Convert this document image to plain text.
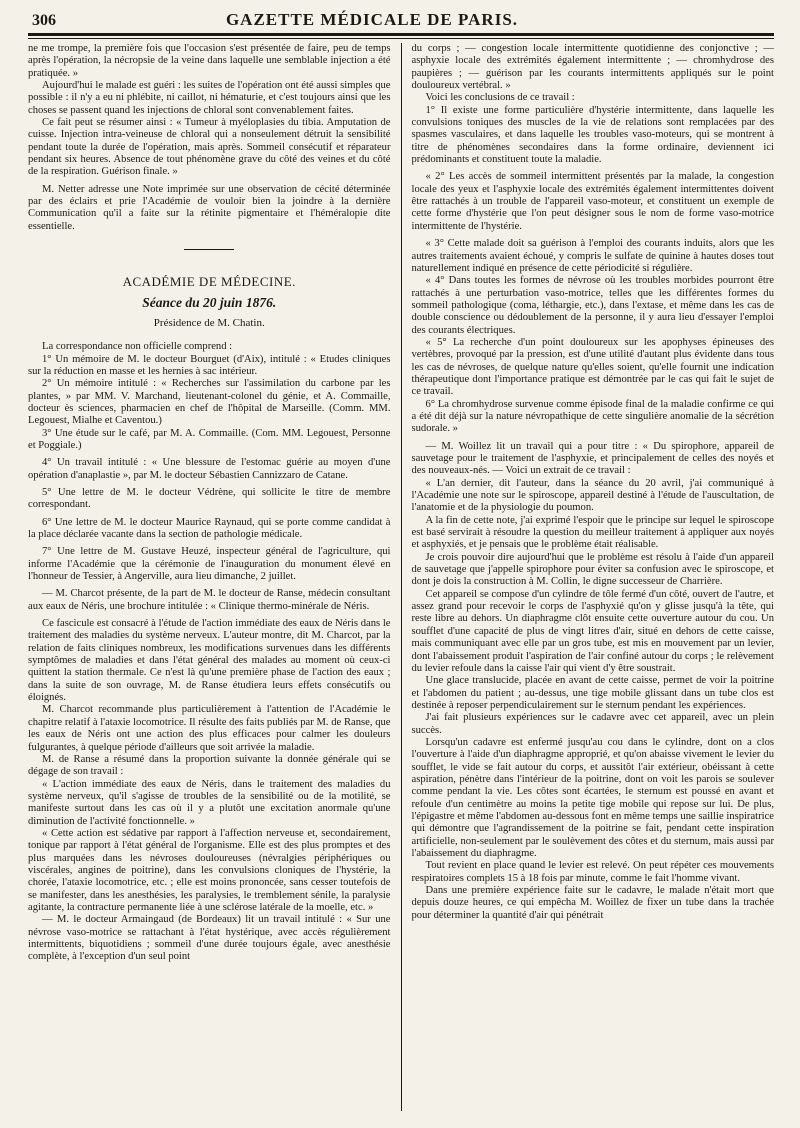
306	GAZETTE MÉDICALE DE PARIS.

ne me trompe, la première fois que l'occasion s'est présentée de faire, peu de temps après l'opération, la nécropsie de la veine dans laquelle une semblable injection a été pratiquée. »

Aujourd'hui le malade est guéri : les suites de l'opération ont été aussi simples que possible : il n'y a eu ni phlébite, ni caillot, ni hématurie, et c'est toujours ainsi que les choses se passent quand les injections de chloral sont convenablement faites.

Ce fait peut se résumer ainsi : « Tumeur à myéloplasies du tibia. Amputation de cuisse. Injection intra-veineuse de chloral qui a nonseulement détruit la sensibilité pendant toute la durée de l'opération, mais après. Sommeil consécutif et réparateur pendant six heures. Absence de tout phénomène grave du côté des veines et du côté de la respiration. Guérison finale. »

M. Netter adresse une Note imprimée sur une observation de cécité déterminée par des éclairs et prie l'Académie de vouloir bien la joindre à la dernière Communication qu'il a faite sur la rétinite pigmentaire et l'héméralopie dite essentielle.

ACADÉMIE DE MÉDECINE.
Séance du 20 juin 1876.
Présidence de M. Chatin.

La correspondance non officielle comprend :

1° Un mémoire de M. le docteur Bourguet (d'Aix), intitulé : « Etudes cliniques sur la réduction en masse et les hernies à sac intérieur.

2° Un mémoire intitulé : « Recherches sur l'assimilation du carbone par les plantes, » par MM. V. Marchand, lieutenant-colonel du génie, et A. Commaille, docteur ès sciences, pharmacien en chef de l'hôpital de Marseille. (Comm. MM. Legouest, Mialhe et Caventou.)

3° Une étude sur le café, par M. A. Commaille. (Com. MM. Legouest, Personne et Poggiale.)

4° Un travail intitulé : « Une blessure de l'estomac guérie au moyen d'une opération d'anaplastie », par M. le docteur Sébastien Cannizzaro de Catane.

5° Une lettre de M. le docteur Védrène, qui sollicite le titre de membre correspondant.

6° Une lettre de M. le docteur Maurice Raynaud, qui se porte comme candidat à la place déclarée vacante dans la section de pathologie médicale.

7° Une lettre de M. Gustave Heuzé, inspecteur général de l'agriculture, qui informe l'Académie que la cérémonie de l'inauguration du monument élevé en l'honneur de Tessier, à Angerville, aura lieu dimanche, 2 juillet.

— M. Charcot présente, de la part de M. le docteur de Ranse, médecin consultant aux eaux de Néris, une brochure intitulée : « Clinique thermo-minérale de Néris.

Ce fascicule est consacré à l'étude de l'action immédiate des eaux de Néris dans le traitement des maladies du système nerveux. L'auteur montre, dit M. Charcot, par la relation de faits cliniques nombreux, les modifications survenues dans les différents symptômes de maladies et dans l'état général des malades au moment où ceux-ci quittent la station thermale. Ce n'est là qu'une première phase de l'action des eaux ; dans la suite de son ouvrage, M. de Ranse étudiera leurs effets consécutifs ou éloignés.

M. Charcot recommande plus particulièrement à l'attention de l'Académie le chapitre relatif à l'ataxie locomotrice. Il résulte des faits publiés par M. de Ranse, que les eaux de Néris ont une action des plus efficaces pour calmer les douleurs fulgurantes, à quelque période d'ailleurs que soit arrivée la maladie.

M. de Ranse a résumé dans la proportion suivante la donnée générale qui se dégage de son travail :

« L'action immédiate des eaux de Néris, dans le traitement des maladies du système nerveux, qu'il s'agisse de troubles de la sensibilité ou de la motilité, se manifeste surtout dans les cas où il y a plutôt une excitation anormale qu'une diminution de l'activité fonctionnelle. »

« Cette action est sédative par rapport à l'affection nerveuse et, secondairement, tonique par rapport à l'état général de l'organisme. Elle est des plus promptes et des plus marquées dans les névroses douloureuses (névralgies périphériques ou viscérales, angines de poitrine), dans les convulsions cloniques de l'hystérie, la chorée, l'ataxie locomotrice, etc. ; elle est moins prononcée, sans cesser toutefois de se manifester, dans les anesthésies, les paralysies, le tremblement sénile, la paralysie agitante, la contracture permanente liée à une sclérose latérale de la moelle, etc. »

— M. le docteur Armaingaud (de Bordeaux) lit un travail intitulé : « Sur une névrose vaso-motrice se rattachant à l'état hystérique, avec accès régulièrement intermittents, biquotidiens ; sommeil d'une durée toujours égale, avec anesthésie complète, à l'exception d'un seul point

du corps ; — congestion locale intermittente quotidienne des conjonctive ; — asphyxie locale des extrémités également intermittente ; — chromhydrose des paupières ; — guérison par les courants intermittents appliqués sur le point douloureux vertébral. »

Voici les conclusions de ce travail :

1° Il existe une forme particulière d'hystérie intermittente, dans laquelle les convulsions toniques des muscles de la vie de relations sont remplacées par des spasmes vasculaires, et dans laquelle les troubles vaso-moteurs, qui se montrent à titre de phénomènes secondaires dans la forme ordinaire, deviennent ici prédominants et constituent toute la maladie.

« 2° Les accès de sommeil intermittent présentés par la malade, la congestion locale des yeux et l'asphyxie locale des extrémités également intermittentes doivent être rattachés à un trouble de l'appareil vaso-moteur, et constituent un exemple de cette forme d'hystérie que l'on peut désigner sous le nom de forme vaso-motrice intermittente de l'hystérie.

« 3° Cette malade doit sa guérison à l'emploi des courants induits, alors que les autres traitements avaient échoué, y compris le sulfate de quinine à hautes doses tout naturellement indiqué en présence de cette périodicité si régulière.

« 4° Dans toutes les formes de névrose où les troubles morbides pourront être rattachés à une perturbation vaso-motrice, telles que les différentes formes du sommeil pathologique (coma, léthargie, etc.), dans l'extase, et même dans les cas de double conscience ou dédoublement de la personne, il y aura lieu d'essayer l'emploi des courants électriques.

« 5° La recherche d'un point douloureux sur les apophyses épineuses des vertèbres, provoqué par la pression, est d'une utilité d'autant plus évidente dans tous les cas de névroses, de quelque nature qu'elles soient, qu'elle fournit une indication thérapeutique dont l'importance pratique est démontrée par le cas qui fait le sujet de ce travail.

6° La chromhydrose survenue comme épisode final de la maladie confirme ce qui a été dit déjà sur la nature névropathique de cette singulière anomalie de la sécrétion sudorale. »

— M. Woillez lit un travail qui a pour titre : « Du spirophore, appareil de sauvetage pour le traitement de l'asphyxie, et principalement de celles des noyés et des nouveaux-nés. — Voici un extrait de ce travail :

« L'an dernier, dit l'auteur, dans la séance du 20 avril, j'ai communiqué à l'Académie une note sur le spiroscope, appareil destiné à l'étude de l'auscultation, de l'anatomie et de la physiologie du poumon.

A la fin de cette note, j'ai exprimé l'espoir que le principe sur lequel le spiroscope est basé servirait à résoudre la question du meilleur traitement à appliquer aux noyés et asphyxiés, et je pensais que le problème était réalisable.

Je crois pouvoir dire aujourd'hui que le problème est résolu à l'aide d'un appareil de sauvetage que j'appelle spirophore pour éviter sa confusion avec le spiroscope, et dont je dois la construction à M. Collin, le digne successeur de Charrière.

Cet appareil se compose d'un cylindre de tôle fermé d'un côté, ouvert de l'autre, et assez grand pour recevoir le corps de l'asphyxié qu'on y glisse jusqu'à la tête, qui reste libre au dehors. Un diaphragme clôt ensuite cette ouverture autour du cou. Un soufflet d'une capacité de plus de vingt litres d'air, situé en dehors de cette caisse, mais communiquant avec elle par un gros tube, est mis en mouvement par un levier, dont l'abaissement produit l'aspiration de l'air confiné autour du corps ; le relèvement du levier refoule dans la caisse l'air qui vient d'y être soustrait.

Une glace translucide, placée en avant de cette caisse, permet de voir la poitrine et l'abdomen du patient ; au-dessus, une tige mobile glissant dans un tube clos est destinée à reposer perpendiculairement sur le sternum pendant les expériences.

J'ai fait plusieurs expériences sur le cadavre avec cet appareil, avec un plein succès.

Lorsqu'un cadavre est enfermé jusqu'au cou dans le cylindre, dont on a clos l'ouverture à l'aide d'un diaphragme approprié, et qu'on abaisse vivement le levier du soufflet, le vide se fait autour du corps, et aussitôt l'air extérieur, obéissant à cette aspiration, pénètre dans l'intérieur de la poitrine, dont on voit les parois se soulever comme pendant la vie. Les côtes sont écartées, le sternum est poussé en avant et refoule d'un centimètre au moins la petite tige mobile qui repose sur lui. De plus, l'épigastre et même l'abdomen au-dessous font en même temps une saillie inspiratrice qui démontre que l'agrandissement de la poitrine se fait, pendant cette inspiration artificielle, non-seulement par le soulèvement des côtes et du sternum, mais aussi par l'abaissement du diaphragme.

Tout revient en place quand le levier est relevé. On peut répéter ces mouvements respiratoires complets 15 à 18 fois par minute, comme le fait l'homme vivant.

Dans une première expérience faite sur le cadavre, le malade n'était mort que depuis douze heures, ce qui empêcha M. Woillez de fixer un tube dans la trachée pour déterminer la quantité d'air qui pénétrait
